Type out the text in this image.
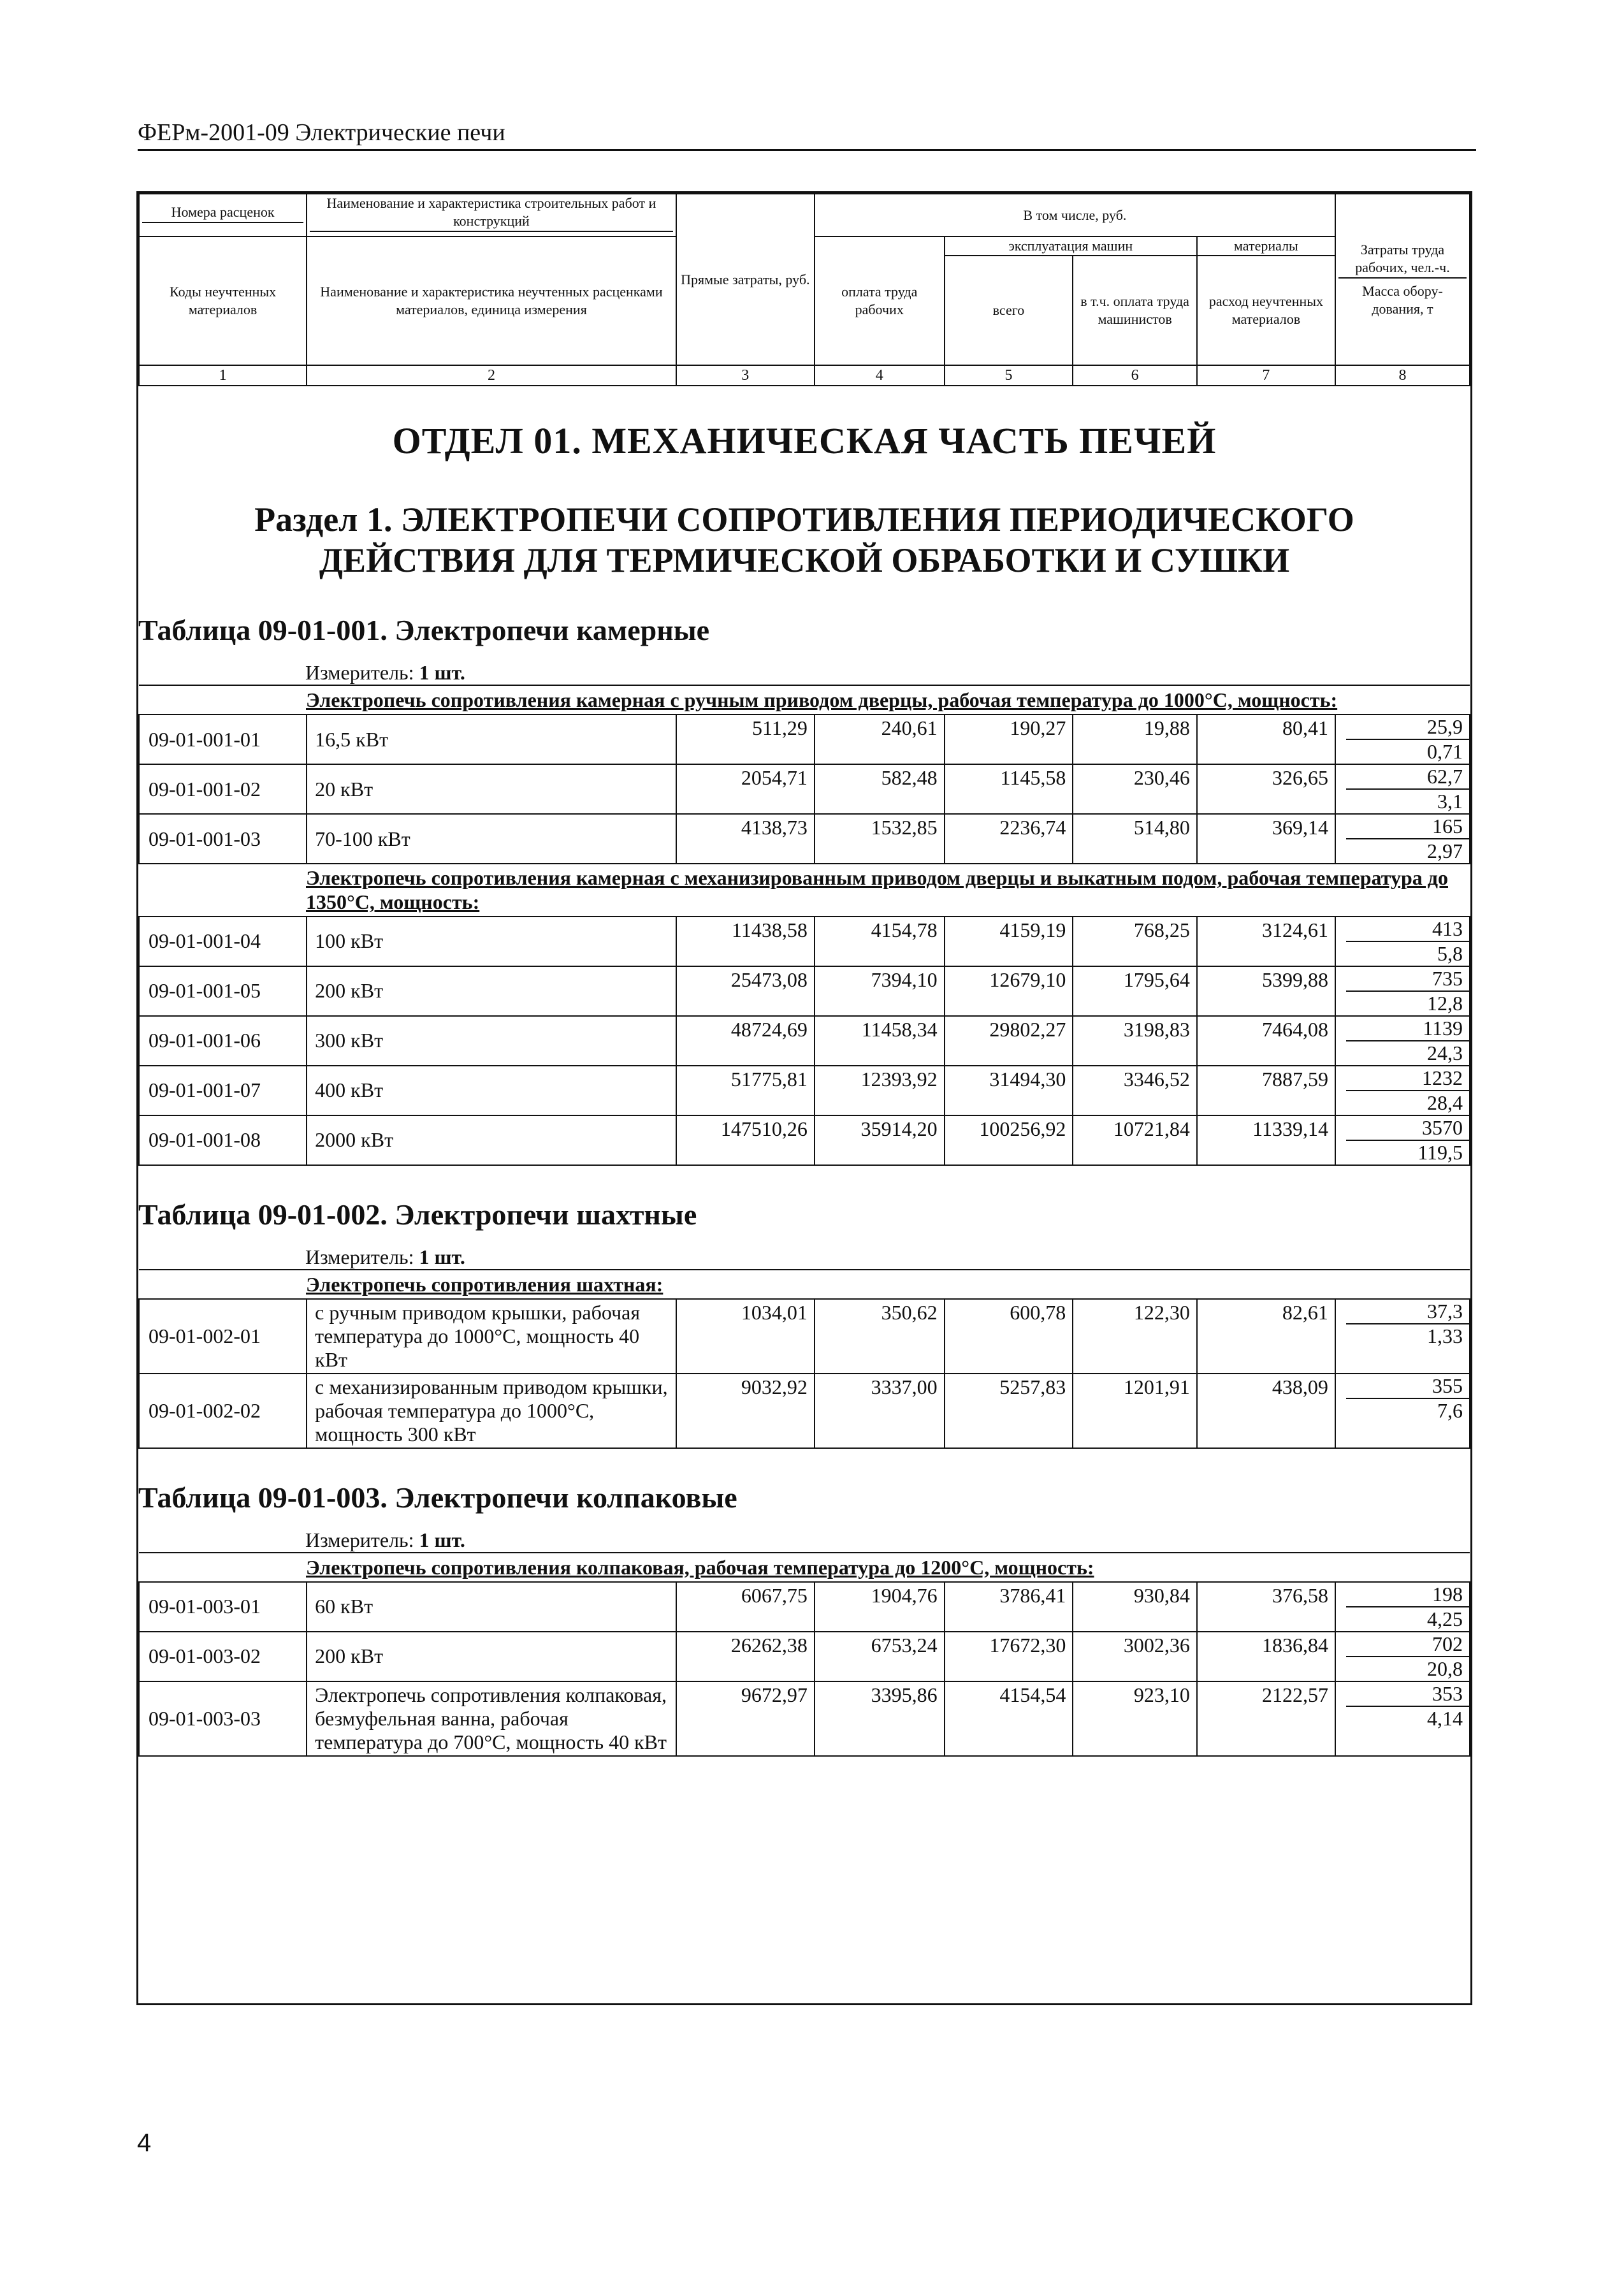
ФЕРм-2001-09 Электрические печи
Номера расценок	Наименование и характеристика строительных работ и конструкций	Прямые затраты, руб.	В том числе, руб.				Затраты труда рабочих, чел.-ч.
Масса обору-дования, т
Коды неучтенных материалов	Наименование и характеристика неучтенных расценками материалов, единица измерения		оплата труда рабочих	эксплуатация машин		материалы	
				всего	в т.ч. оплата труда машинистов	расход неучтенных материалов	
1	2	3	4	5	6	7	8
ОТДЕЛ 01. МЕХАНИЧЕСКАЯ ЧАСТЬ ПЕЧЕЙ
Раздел 1. ЭЛЕКТРОПЕЧИ СОПРОТИВЛЕНИЯ ПЕРИОДИЧЕСКОГО
ДЕЙСТВИЯ ДЛЯ ТЕРМИЧЕСКОЙ ОБРАБОТКИ И СУШКИ
Таблица 09-01-001. Электропечи камерные
Измеритель: 1 шт.
Электропечь сопротивления камерная с ручным приводом дверцы, рабочая температура до 1000°С, мощность:							
09-01-001-01	16,5 кВт	511,29	240,61	190,27	19,88	80,41	25,9
0,71

09-01-001-02	20 кВт	2054,71	582,48	1145,58	230,46	326,65	62,7
3,1

09-01-001-03	70-100 кВт	4138,73	1532,85	2236,74	514,80	369,14	165
2,97

Электропечь сопротивления камерная с механизированным приводом дверцы и выкатным подом, рабочая температура до 1350°С, мощность:							
09-01-001-04	100 кВт	11438,58	4154,78	4159,19	768,25	3124,61	413
5,8

09-01-001-05	200 кВт	25473,08	7394,10	12679,10	1795,64	5399,88	735
12,8

09-01-001-06	300 кВт	48724,69	11458,34	29802,27	3198,83	7464,08	1139
24,3

09-01-001-07	400 кВт	51775,81	12393,92	31494,30	3346,52	7887,59	1232
28,4

09-01-001-08	2000 кВт	147510,26	35914,20	100256,92	10721,84	11339,14	3570
119,5
Таблица 09-01-002. Электропечи шахтные
Измеритель: 1 шт.
Электропечь сопротивления шахтная:							
09-01-002-01	с ручным приводом крышки, рабочая температура до 1000°С, мощность 40 кВт	1034,01	350,62	600,78	122,30	82,61	37,3
1,33

09-01-002-02	с механизированным приводом крышки, рабочая температура до 1000°С, мощность 300 кВт	9032,92	3337,00	5257,83	1201,91	438,09	355
7,6
Таблица 09-01-003. Электропечи колпаковые
Измеритель: 1 шт.
Электропечь сопротивления колпаковая, рабочая температура до 1200°С, мощность:							
09-01-003-01	60 кВт	6067,75	1904,76	3786,41	930,84	376,58	198
4,25

09-01-003-02	200 кВт	26262,38	6753,24	17672,30	3002,36	1836,84	702
20,8

09-01-003-03	Электропечь сопротивления колпаковая, безмуфельная ванна, рабочая температура до 700°С, мощность 40 кВт	9672,97	3395,86	4154,54	923,10	2122,57	353
4,14
4
